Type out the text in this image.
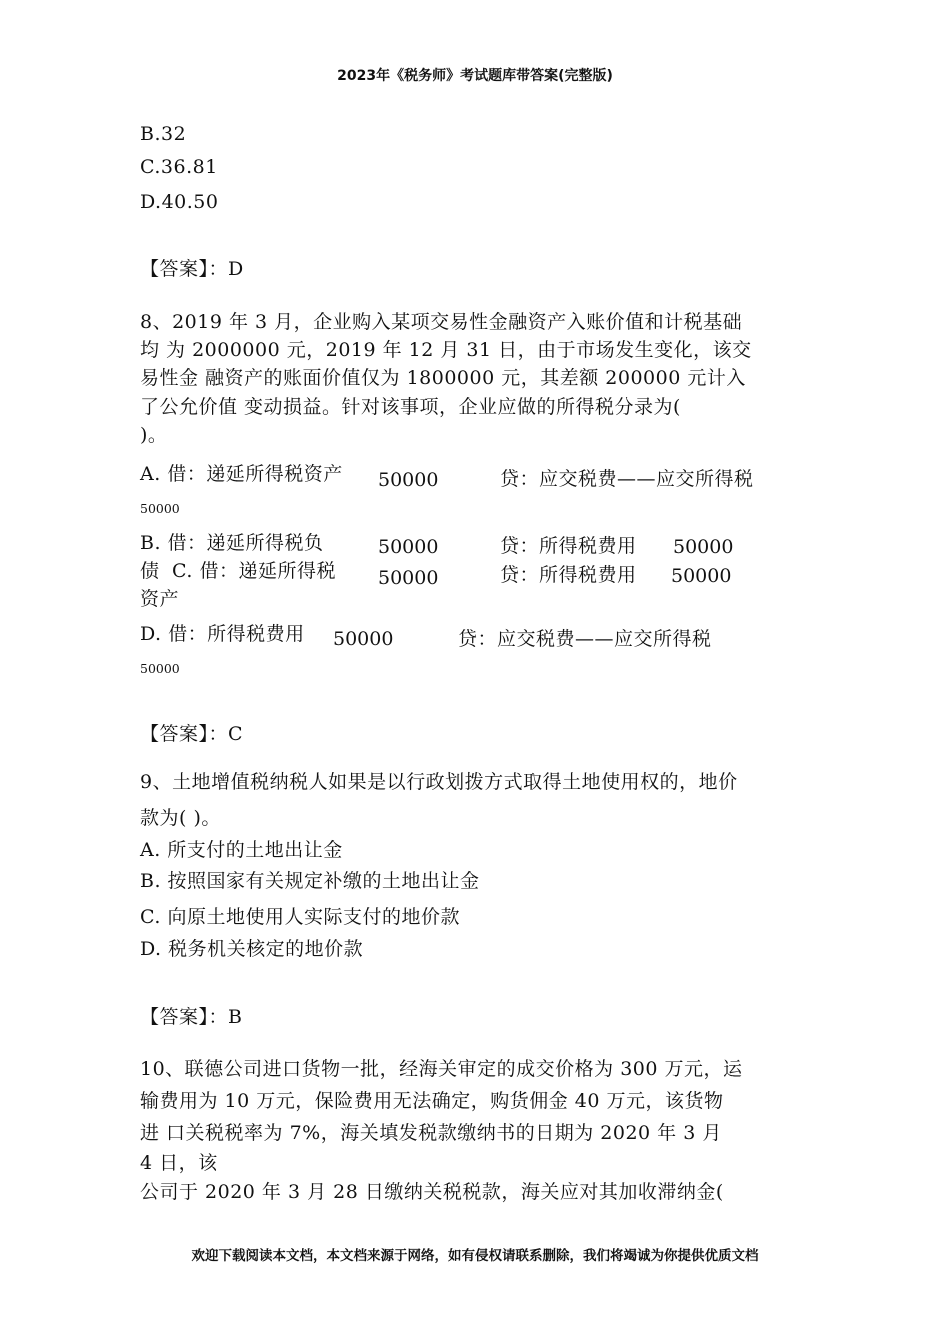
2023年《税务师》考试题库带答案(完整版)
B.32
C.36.81
D.40.50
【答案】：D
8、2019 年 3 月，企业购入某项交易性金融资产入账价值和计税基础
均 为 2000000 元，2019 年 12 月 31 日，由于市场发生变化，该交
易性金 融资产的账面价值仅为 1800000 元，其差额 200000 元计入
了公允价值 变动损益。针对该事项，企业应做的所得税分录为(
)。
A. 借：递延所得税资产 50000	贷：应交税费——应交所得税
50000
B. 借：递延所得税负	50000	贷：所得税费用 50000
债 C. 借：递延所得税 50000	贷：所得税费用 50000
资产
D. 借：所得税费用 50000	贷：应交税费——应交所得税
50000
【答案】：C
9、土地增值税纳税人如果是以行政划拨方式取得土地使用权的，地价
款为( )。
A. 所支付的土地出让金
B. 按照国家有关规定补缴的土地出让金
C. 向原土地使用人实际支付的地价款
D. 税务机关核定的地价款
【答案】：B
10、联德公司进口货物一批，经海关审定的成交价格为 300 万元，运
输费用为 10 万元，保险费用无法确定，购货佣金 40 万元，该货物
进 口关税税率为 7%，海关填发税款缴纳书的日期为 2020 年 3 月
4 日，该
公司于 2020 年 3 月 28 日缴纳关税税款，海关应对其加收滞纳金(
欢迎下载阅读本文档，本文档来源于网络，如有侵权请联系删除，我们将竭诚为你提供优质文档
